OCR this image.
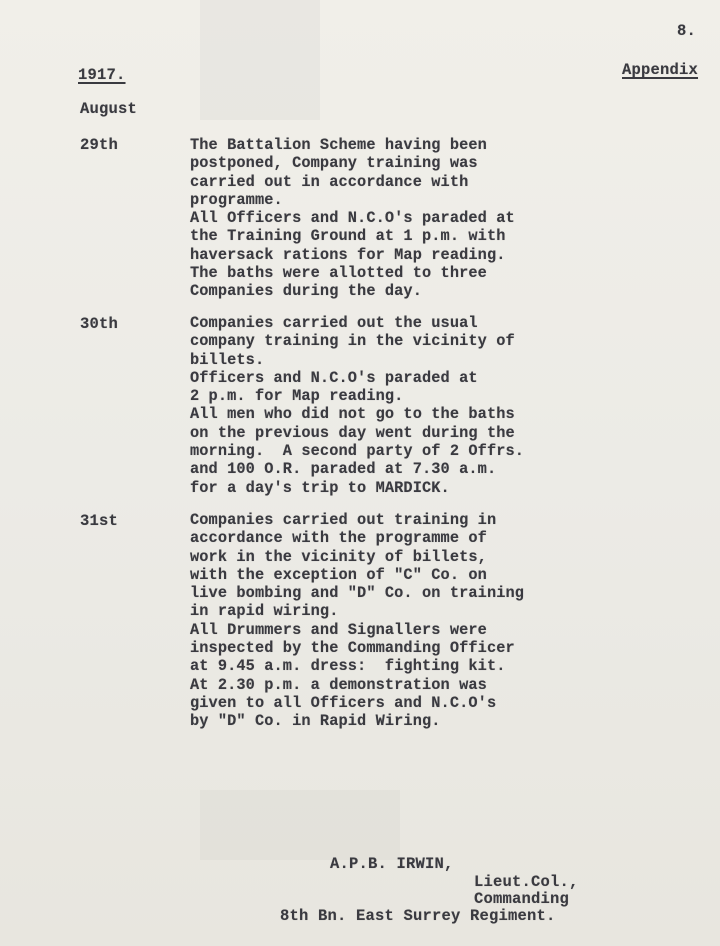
8.
1917.	Appendix
August
29th	The Battalion Scheme having been
postponed, Company training was
carried out in accordance with
programme.
All Officers and N.C.O's paraded at
the Training Ground at 1 p.m. with
haversack rations for Map reading.
The baths were allotted to three
Companies during the day.
30th	Companies carried out the usual
company training in the vicinity of
billets.
Officers and N.C.O's paraded at
2 p.m. for Map reading.
All men who did not go to the baths
on the previous day went during the
morning.  A second party of 2 Offrs.
and 100 O.R. paraded at 7.30 a.m.
for a day's trip to MARDICK.
31st	Companies carried out training in
accordance with the programme of
work in the vicinity of billets,
with the exception of "C" Co. on
live bombing and "D" Co. on training
in rapid wiring.
All Drummers and Signallers were
inspected by the Commanding Officer
at 9.45 a.m. dress:  fighting kit.
At 2.30 p.m. a demonstration was
given to all Officers and N.C.O's
by "D" Co. in Rapid Wiring.
A.P.B. IRWIN,
Lieut.Col.,
Commanding
8th Bn. East Surrey Regiment.
